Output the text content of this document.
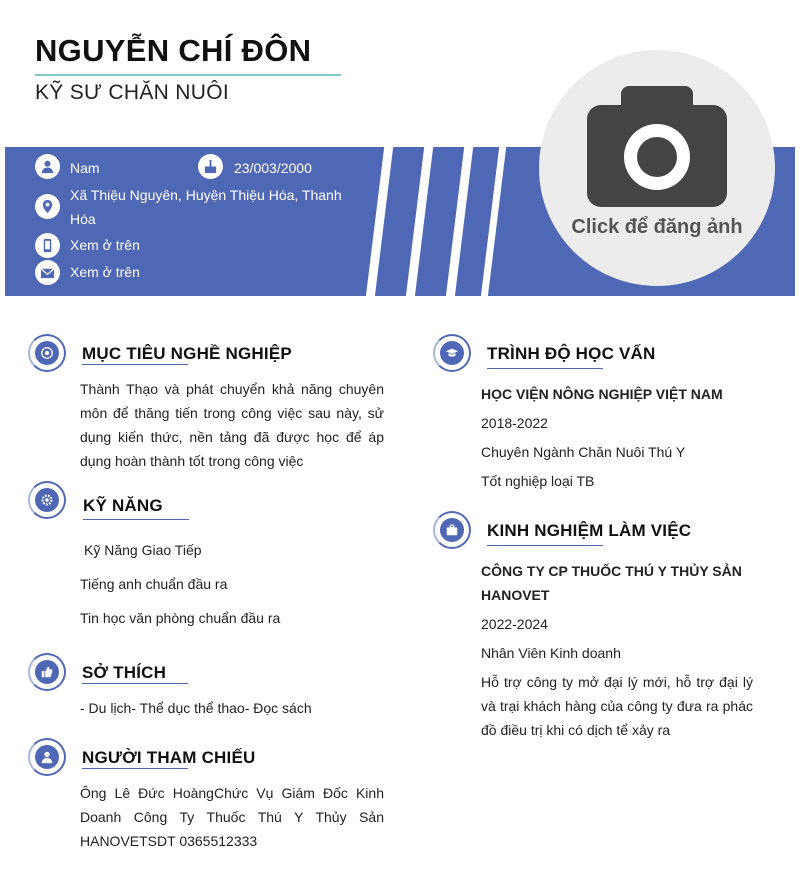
NGUYỄN CHÍ ĐÔN
KỸ SƯ CHĂN NUÔI
Nam	23/003/2000
Xã Thiệu Nguyên, Huyện Thiệu Hóa, Thanh Hóa
Xem ở trên
Xem ở trên
Click để đăng ảnh
MỤC TIÊU NGHỀ NGHIỆP
Thành Thạo và phát chuyển khả năng chuyên môn để thăng tiến trong công việc sau này, sử dụng kiến thức, nền tảng đã được học để áp dụng hoàn thành tốt trong công việc
KỸ NĂNG
Kỹ Năng Giao Tiếp
Tiếng anh chuẩn đầu ra
Tin học văn phòng chuẩn đầu ra
SỞ THÍCH
- Du lịch- Thể dục thể thao- Đọc sách
NGƯỜI THAM CHIẾU
Ông Lê Đức HoàngChức Vụ Giám Đốc Kinh Doanh Công Ty Thuốc Thú Y Thủy Sản HANOVETSDT 0365512333
TRÌNH ĐỘ HỌC VẤN
HỌC VIỆN NÔNG NGHIỆP VIỆT NAM
2018-2022
Chuyên Ngành Chăn Nuôi Thú Y
Tốt nghiệp loại TB
KINH NGHIỆM LÀM VIỆC
CÔNG TY CP THUỐC THÚ Y THỦY SẢN HANOVET
2022-2024
Nhân Viên Kinh doanh
Hỗ trợ công ty mở đại lý mới, hỗ trợ đại lý và trại khách hàng của công ty đưa ra phác đồ điều trị khi có dịch tể xảy ra
